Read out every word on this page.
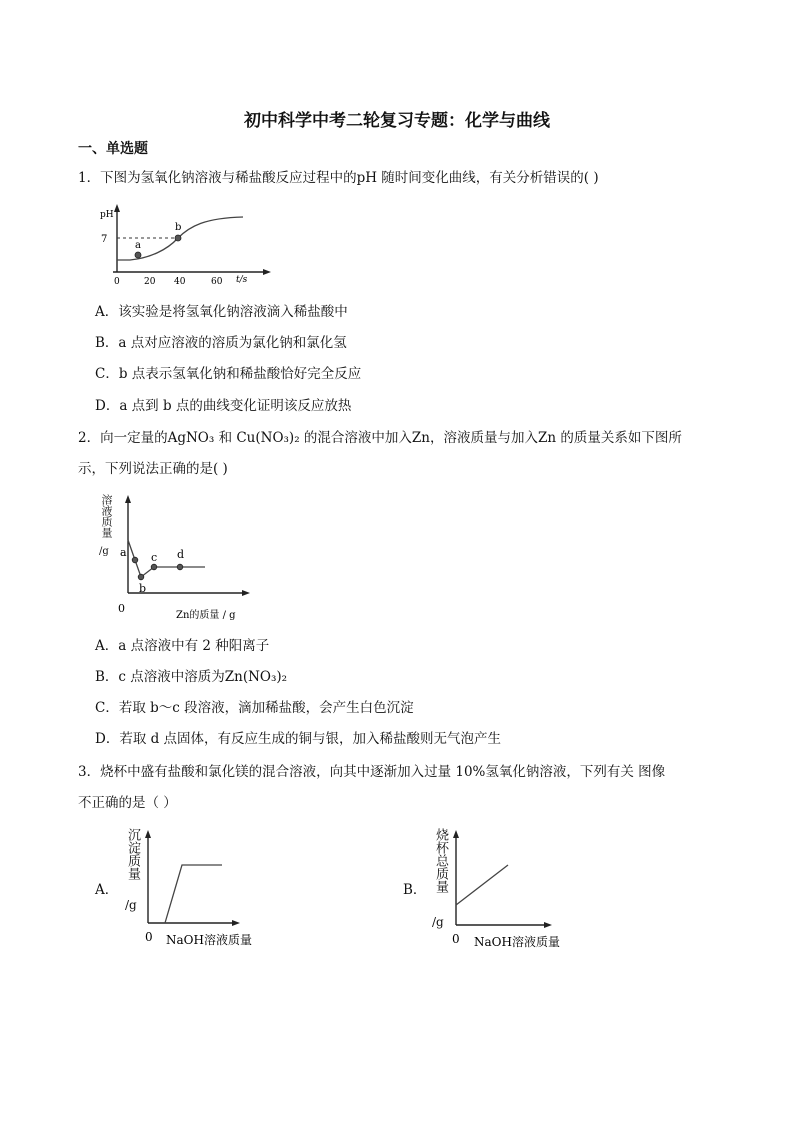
初中科学中考二轮复习专题：化学与曲线
一、单选题
1．下图为氢氧化钠溶液与稀盐酸反应过程中的pH 随时间变化曲线，有关分析错误的( )
pH
7
a
b
0	20 40	60 t/s
A．该实验是将氢氧化钠溶液滴入稀盐酸中
B．a 点对应溶液的溶质为氯化钠和氯化氢
C．b 点表示氢氧化钠和稀盐酸恰好完全反应
D．a 点到 b 点的曲线变化证明该反应放热
2．向一定量的AgNO₃ 和 Cu(NO₃)₂ 的混合溶液中加入Zn，溶液质量与加入Zn 的质量关系如下图所
示，下列说法正确的是( )
溶液质量
/g a
b
c d
0
Zn的质量 / g
A．a 点溶液中有 2 种阳离子
B．c 点溶液中溶质为Zn(NO₃)₂
C．若取 b～c 段溶液，滴加稀盐酸，会产生白色沉淀
D．若取 d 点固体，有反应生成的铜与银，加入稀盐酸则无气泡产生
3．烧杯中盛有盐酸和氯化镁的混合溶液，向其中逐渐加入过量 10%氢氧化钠溶液，下列有关 图像
不正确的是（ ）
A．
沉淀质量
/g
0 NaOH溶液质量
B． 烧杯总质量
/g
0 NaOH溶液质量
